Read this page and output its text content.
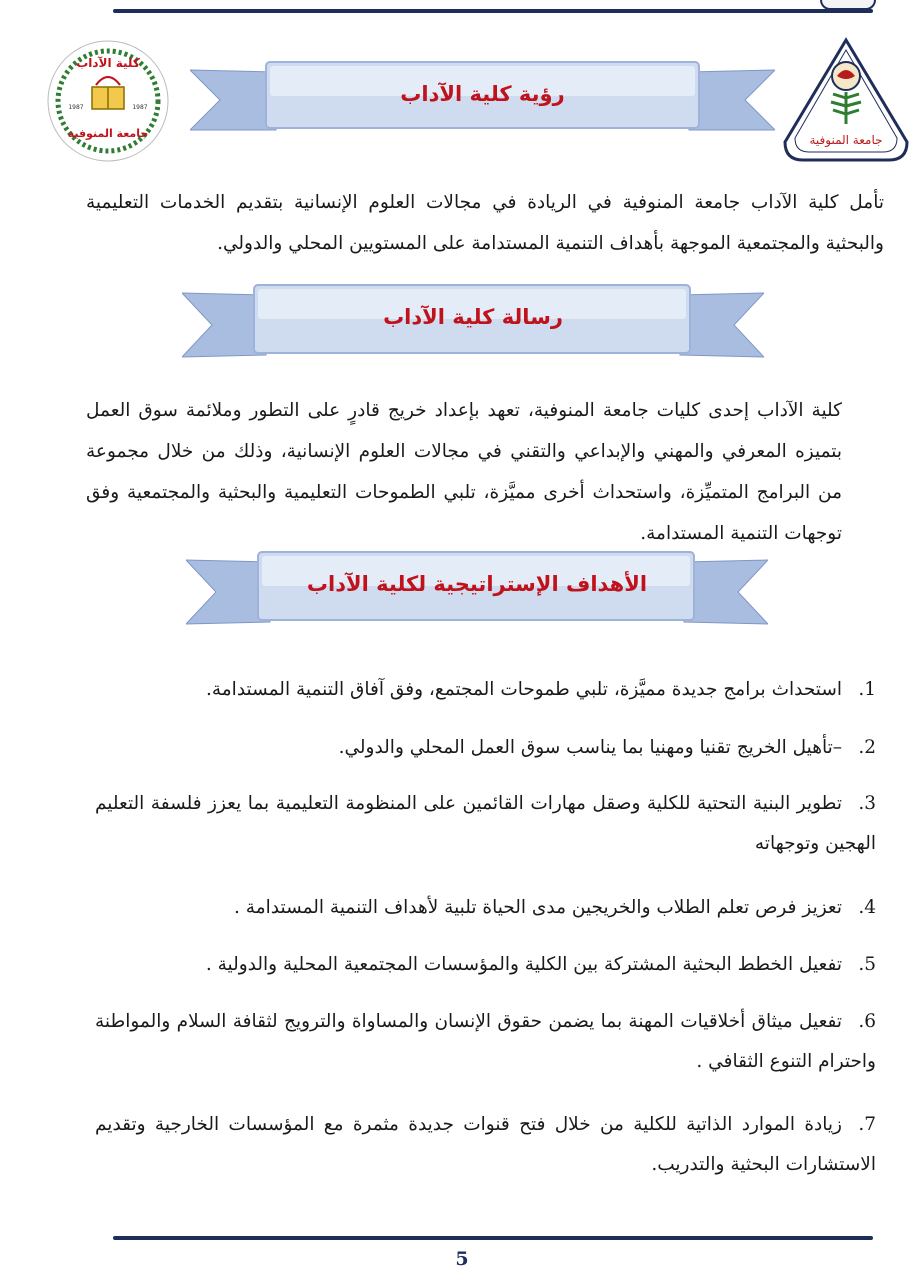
كلية الآداب
جامعة المنوفية
1987	1987
جامعة المنوفية
رؤية كلية الآداب
تأمل كلية الآداب جامعة المنوفية في الريادة في مجالات العلوم الإنسانية بتقديم الخدمات التعليمية والبحثية والمجتمعية الموجهة بأهداف التنمية المستدامة على المستويين المحلي والدولي.
رسالة كلية الآداب
كلية الآداب إحدى كليات جامعة المنوفية، تعهد بإعداد خريج قادرٍ على التطور وملائمة سوق العمل بتميزه المعرفي والمهني والإبداعي والتقني في مجالات العلوم الإنسانية، وذلك من خلال مجموعة من البرامج المتميِّزة، واستحداث أخرى مميَّزة، تلبي الطموحات التعليمية والبحثية والمجتمعية وفق توجهات التنمية المستدامة.
الأهداف الإستراتيجية لكلية الآداب
1.استحداث برامج جديدة مميَّزة، تلبي طموحات المجتمع، وفق آفاق التنمية المستدامة.
2.–تأهيل الخريج تقنيا ومهنيا بما يناسب سوق العمل المحلي والدولي.
3.تطوير البنية التحتية للكلية وصقل مهارات القائمين على المنظومة التعليمية بما يعزز فلسفة التعليم الهجين وتوجهاته
4.تعزيز فرص تعلم الطلاب والخريجين مدى الحياة تلبية لأهداف التنمية المستدامة .
5.تفعيل الخطط البحثية المشتركة بين الكلية والمؤسسات المجتمعية المحلية والدولية .
6.تفعيل ميثاق أخلاقيات المهنة بما يضمن حقوق الإنسان والمساواة والترويج لثقافة السلام والمواطنة واحترام التنوع الثقافي .
7.زيادة الموارد الذاتية للكلية من خلال فتح قنوات جديدة مثمرة مع المؤسسات الخارجية وتقديم الاستشارات البحثية والتدريب.
5
